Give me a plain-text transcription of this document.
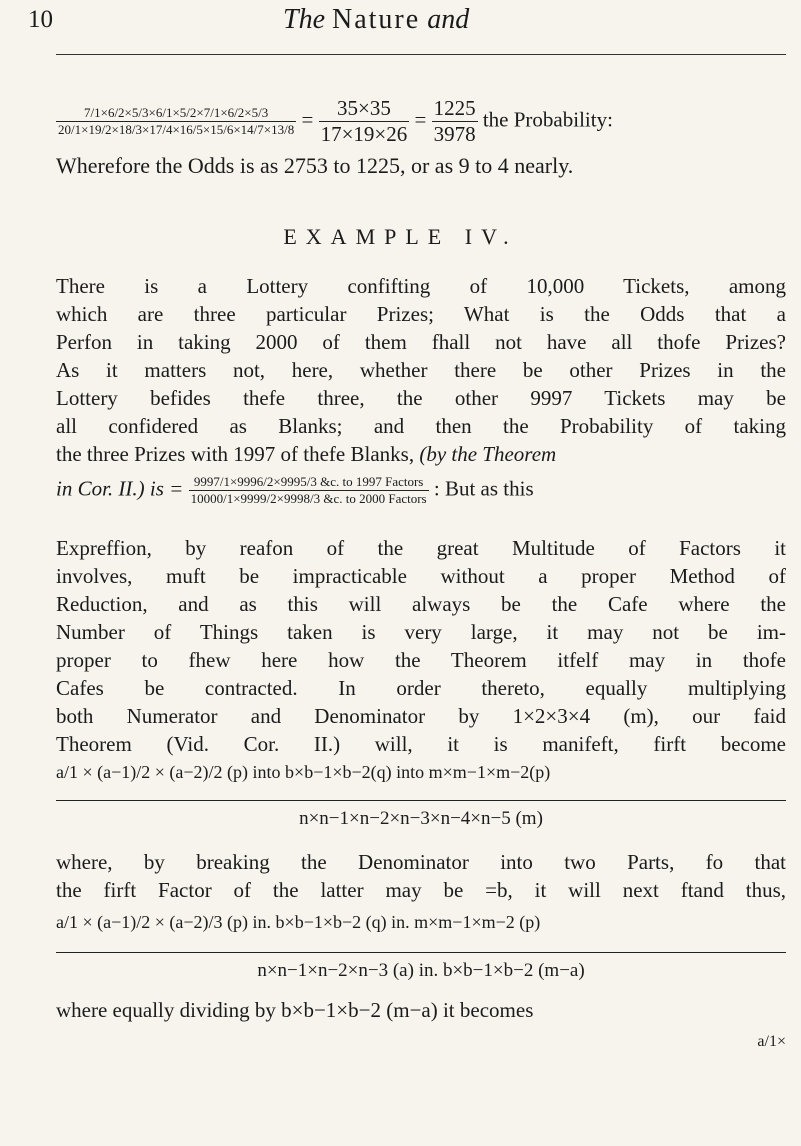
10	The Nature and
$\frac{7/1\times 6/2\times 5/3\times 6/1\times 5/2\times 7/1\times 6/2\times 5/3}{20/1\times 19/2\times 18/3\times 17/4\times 16/5\times 15/6\times 14/7\times 13/8} = \frac{35\times 35}{17\times 19\times 26} = \frac{1225}{3978}$ the Probability:
Wherefore the Odds is as 2753 to 1225, or as 9 to 4 nearly.
EXAMPLE IV.
There is a Lottery confifting of 10,000 Tickets, among
which are three particular Prizes; What is the Odds that a
Perfon in taking 2000 of them fhall not have all thofe Prizes?
As it matters not, here, whether there be other Prizes in the
Lottery befides thefe three, the other 9997 Tickets may be
all confidered as Blanks; and then the Probability of taking
the three Prizes with 1997 of thefe Blanks, (by the Theorem
in Cor. II.) is = $\frac{\text{9997/1×9996/2×9995/3 \&c. to 1997 Factors}}{\text{10000/1×9999/2×9998/3 \&c. to 2000 Factors}}$ : But as this
Expreffion, by reafon of the great Multitude of Factors it
involves, muft be impracticable without a proper Method of
Reduction, and as this will always be the Cafe where the
Number of Things taken is very large, it may not be im-
proper to fhew here how the Theorem itfelf may in thofe
Cafes be contracted. In order thereto, equally multiplying
both Numerator and Denominator by 1×2×3×4 (m), our faid
Theorem (Vid. Cor. II.) will, it is manifeft, firft become
a/1 × (a−1)/2 × (a−2)/2 (p) into b×b−1×b−2(q) into m×m−1×m−2(p)
n×n−1×n−2×n−3×n−4×n−5 (m)
where, by breaking the Denominator into two Parts, fo that
the firft Factor of the latter may be =b, it will next ftand thus,
a/1 × (a−1)/2 × (a−2)/3 (p) in. b×b−1×b−2 (q) in. m×m−1×m−2 (p)
n×n−1×n−2×n−3 (a) in. b×b−1×b−2 (m−a)
where equally dividing by b×b−1×b−2 (m−a) it becomes
a/1×
